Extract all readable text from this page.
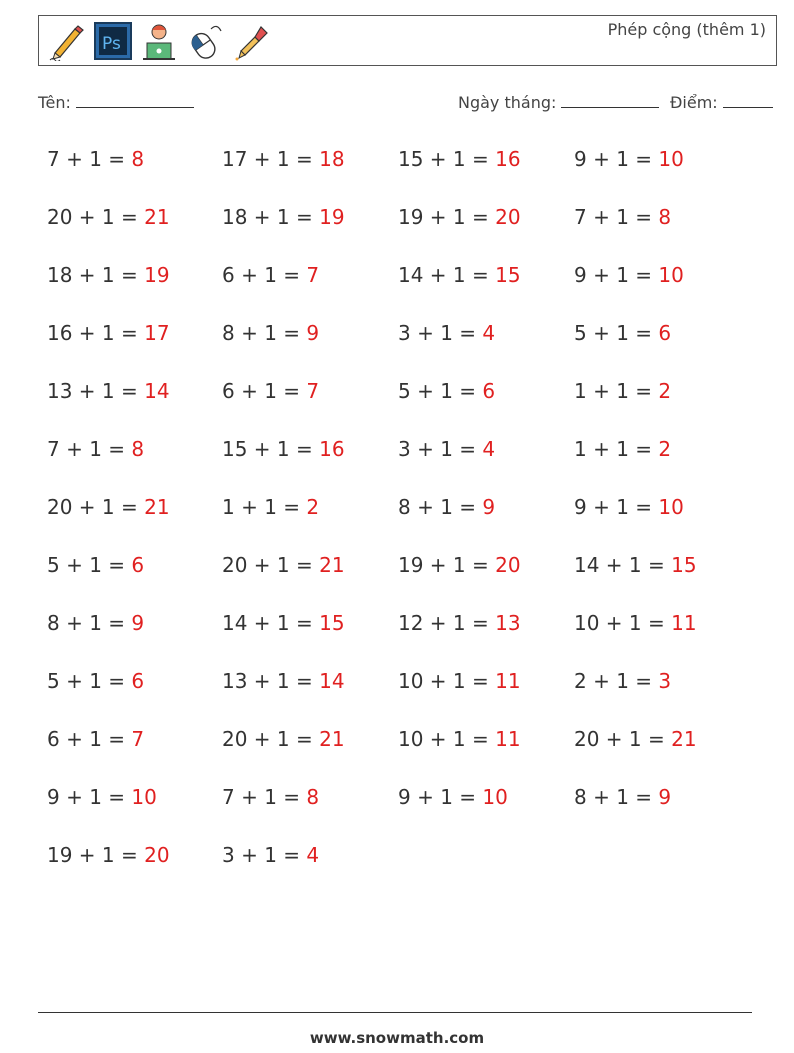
Ps
Phép cộng (thêm 1)
Tên:	Ngày tháng:	Điểm:
7 + 1 = 8
20 + 1 = 21
18 + 1 = 19
16 + 1 = 17
13 + 1 = 14
7 + 1 = 8
20 + 1 = 21
5 + 1 = 6
8 + 1 = 9
5 + 1 = 6
6 + 1 = 7
9 + 1 = 10
19 + 1 = 20
17 + 1 = 18
18 + 1 = 19
6 + 1 = 7
8 + 1 = 9
6 + 1 = 7
15 + 1 = 16
1 + 1 = 2
20 + 1 = 21
14 + 1 = 15
13 + 1 = 14
20 + 1 = 21
7 + 1 = 8
3 + 1 = 4
15 + 1 = 16
19 + 1 = 20
14 + 1 = 15
3 + 1 = 4
5 + 1 = 6
3 + 1 = 4
8 + 1 = 9
19 + 1 = 20
12 + 1 = 13
10 + 1 = 11
10 + 1 = 11
9 + 1 = 10
9 + 1 = 10
7 + 1 = 8
9 + 1 = 10
5 + 1 = 6
1 + 1 = 2
1 + 1 = 2
9 + 1 = 10
14 + 1 = 15
10 + 1 = 11
2 + 1 = 3
20 + 1 = 21
8 + 1 = 9
www.snowmath.com
